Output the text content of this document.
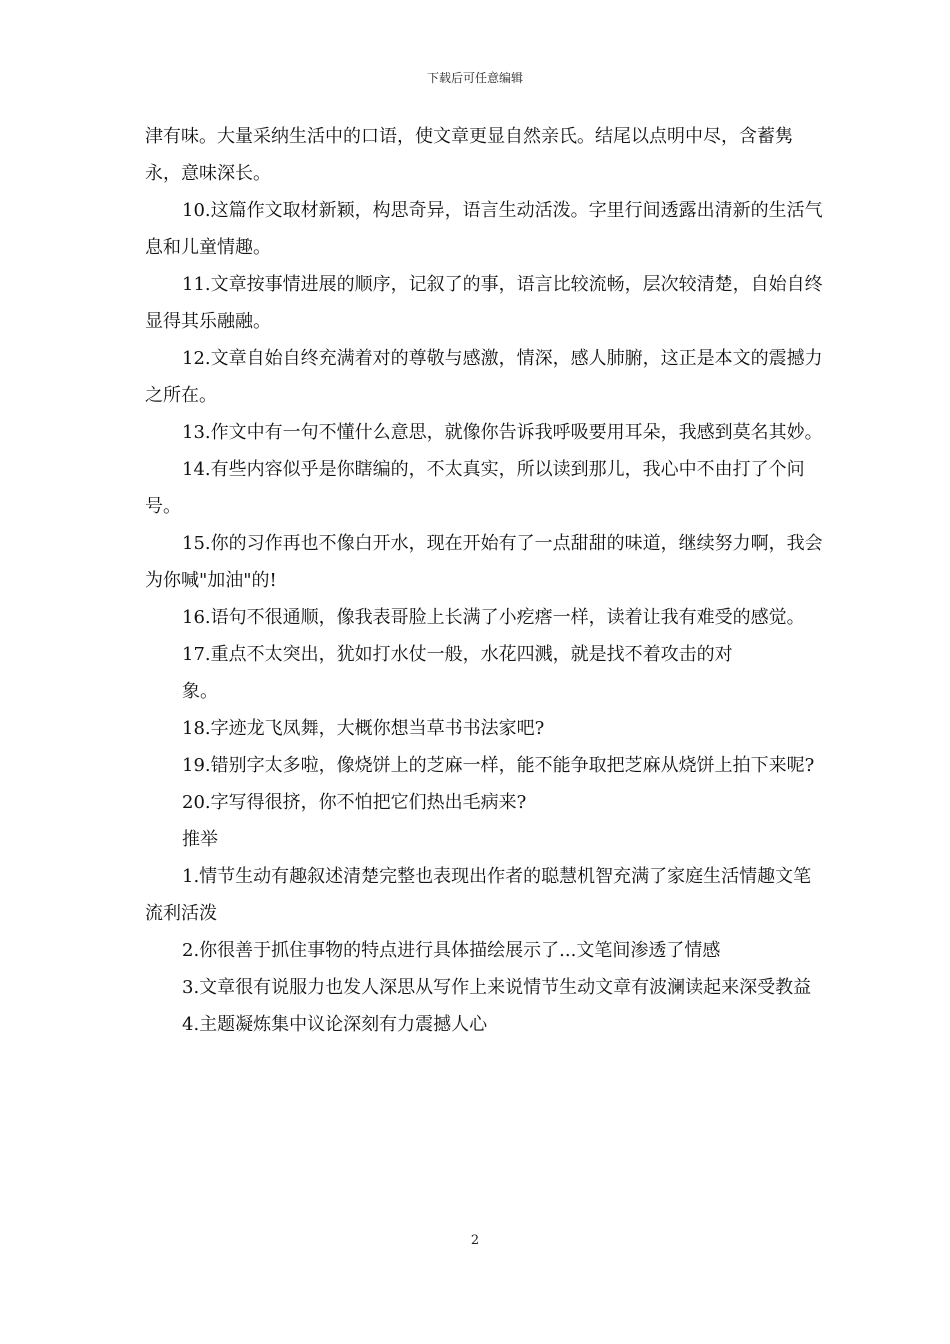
下载后可任意编辑

津有味。大量采纳生活中的口语，使文章更显自然亲氏。结尾以点明中尽，含蓄隽永，意味深长。

10.这篇作文取材新颖，构思奇异，语言生动活泼。字里行间透露出清新的生活气息和儿童情趣。

11.文章按事情进展的顺序，记叙了的事，语言比较流畅，层次较清楚，自始自终显得其乐融融。

12.文章自始自终充满着对的尊敬与感激，情深，感人肺腑，这正是本文的震撼力之所在。

13.作文中有一句不懂什么意思，就像你告诉我呼吸要用耳朵，我感到莫名其妙。

14.有些内容似乎是你瞎编的，不太真实，所以读到那儿，我心中不由打了个问号。

15.你的习作再也不像白开水，现在开始有了一点甜甜的味道，继续努力啊，我会为你喊"加油"的!

16.语句不很通顺，像我表哥脸上长满了小疙瘩一样，读着让我有难受的感觉。

17.重点不太突出，犹如打水仗一般，水花四溅，就是找不着攻击的对
象。

18.字迹龙飞凤舞，大概你想当草书书法家吧?

19.错别字太多啦，像烧饼上的芝麻一样，能不能争取把芝麻从烧饼上拍下来呢?

20.字写得很挤，你不怕把它们热出毛病来?

推举

1.情节生动有趣叙述清楚完整也表现出作者的聪慧机智充满了家庭生活情趣文笔流利活泼

2.你很善于抓住事物的特点进行具体描绘展示了...文笔间渗透了情感

3.文章很有说服力也发人深思从写作上来说情节生动文章有波澜读起来深受教益

4.主题凝炼集中议论深刻有力震撼人心

2
